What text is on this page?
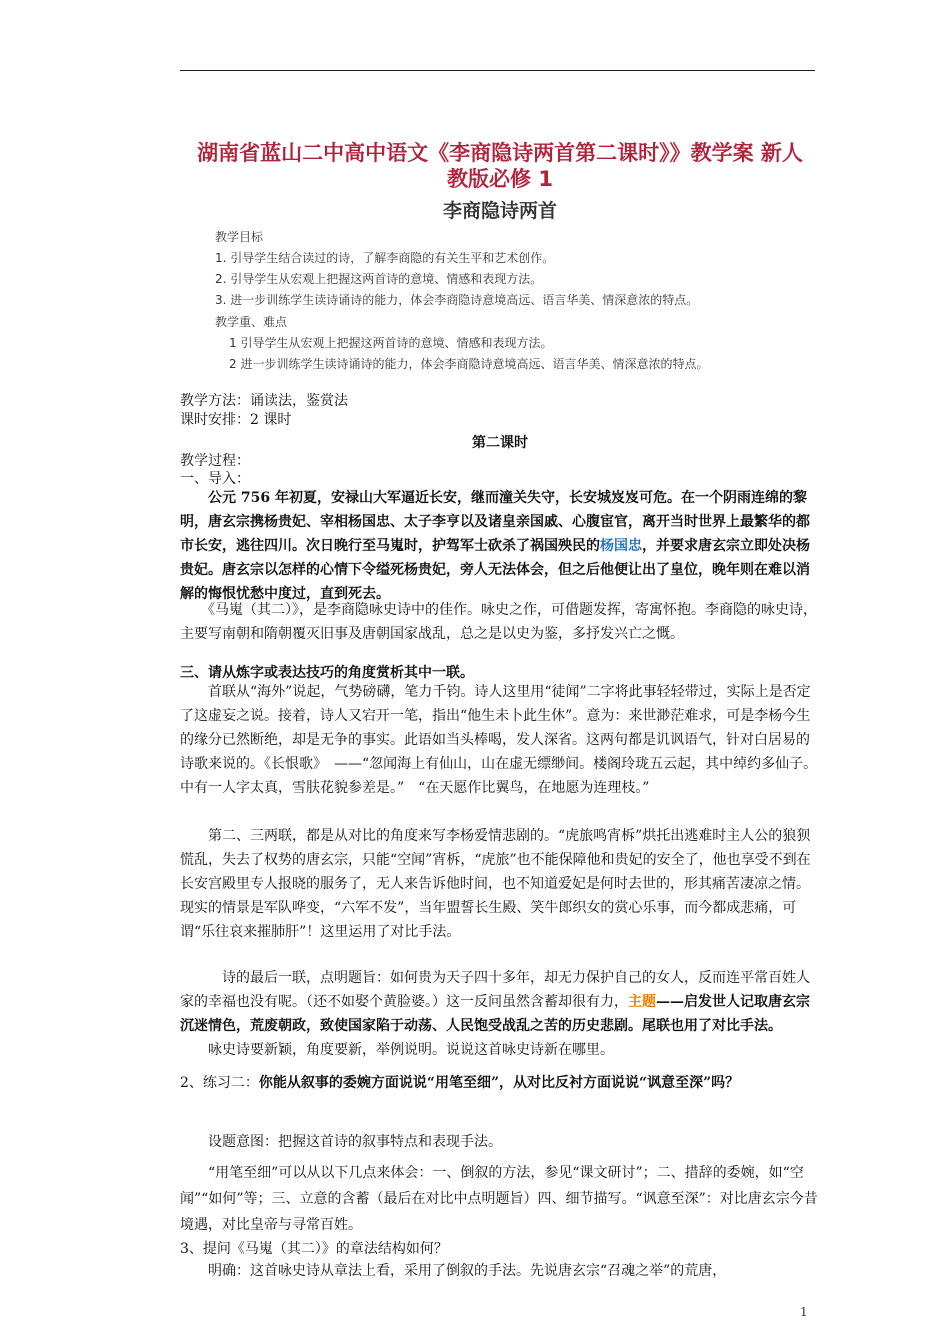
湖南省蓝山二中高中语文《李商隐诗两首第二课时》》教学案 新人
教版必修 1
李商隐诗两首
教学目标
1. 引导学生结合读过的诗，了解李商隐的有关生平和艺术创作。
2. 引导学生从宏观上把握这两首诗的意境、情感和表现方法。
3. 进一步训练学生读诗诵诗的能力，体会李商隐诗意境高远、语言华美、情深意浓的特点。
教学重、难点
1 引导学生从宏观上把握这两首诗的意境、情感和表现方法。
2 进一步训练学生读诗诵诗的能力，体会李商隐诗意境高远、语言华美、情深意浓的特点。
教学方法：诵读法，鉴赏法
课时安排：2 课时
第二课时
教学过程：
一、导入：
　　公元 756 年初夏，安禄山大军逼近长安，继而潼关失守，长安城岌岌可危。在一个阴雨连绵的黎明，唐玄宗携杨贵妃、宰相杨国忠、太子李亨以及诸皇亲国戚、心腹宦官，离开当时世界上最繁华的都市长安，逃往四川。次日晚行至马嵬时，护驾军士砍杀了祸国殃民的杨国忠，并要求唐玄宗立即处决杨贵妃。唐玄宗以怎样的心情下令缢死杨贵妃，旁人无法体会，但之后他便让出了皇位，晚年则在难以消解的悔恨忧愁中度过，直到死去。
　　《马嵬（其二）》，是李商隐咏史诗中的佳作。咏史之作，可借题发挥，寄寓怀抱。李商隐的咏史诗，主要写南朝和隋朝覆灭旧事及唐朝国家战乱，总之是以史为鉴，多抒发兴亡之慨。
三、请从炼字或表达技巧的角度赏析其中一联。
　　首联从“海外”说起，气势磅礴，笔力千钧。诗人这里用“徒闻”二字将此事轻轻带过，实际上是否定了这虚妄之说。接着，诗人又宕开一笔，指出“他生未卜此生休”。意为：来世渺茫难求，可是李杨今生的缘分已然断绝，却是无争的事实。此语如当头棒喝，发人深省。这两句都是讥讽语气，针对白居易的诗歌来说的。《长恨歌》　——“忽闻海上有仙山，山在虚无缥缈间。楼阁玲珑五云起，其中绰约多仙子。中有一人字太真，雪肤花貌参差是。”　“在天愿作比翼鸟，在地愿为连理枝。”
　　第二、三两联，都是从对比的角度来写李杨爱情悲剧的。“虎旅鸣宵柝”烘托出逃难时主人公的狼狈慌乱，失去了权势的唐玄宗，只能“空闻”宵柝，“虎旅”也不能保障他和贵妃的安全了，他也享受不到在长安宫殿里专人报晓的服务了，无人来告诉他时间，也不知道爱妃是何时去世的，形其痛苦凄凉之情。现实的情景是军队哗变，“六军不发”，当年盟誓长生殿、笑牛郎织女的赏心乐事，而今都成悲痛，可谓“乐往哀来摧肺肝”！这里运用了对比手法。
　　　诗的最后一联，点明题旨：如何贵为天子四十多年，却无力保护自己的女人，反而连平常百姓人家的幸福也没有呢。（还不如娶个黄脸婆。）这一反问虽然含蓄却很有力，主题——启发世人记取唐玄宗沉迷情色，荒废朝政，致使国家陷于动荡、人民饱受战乱之苦的历史悲剧。尾联也用了对比手法。
　　咏史诗要新颖，角度要新，举例说明。说说这首咏史诗新在哪里。
2、练习二：你能从叙事的委婉方面说说“用笔至细”，从对比反衬方面说说“讽意至深”吗？
　　设题意图：把握这首诗的叙事特点和表现手法。
　　“用笔至细”可以从以下几点来体会：一、倒叙的方法，参见“课文研讨”；二、措辞的委婉，如“空闻”“如何”等；三、立意的含蓄（最后在对比中点明题旨）四、细节描写。“讽意至深”：对比唐玄宗今昔境遇，对比皇帝与寻常百姓。
3、提问《马嵬（其二）》的章法结构如何？
　　明确：这首咏史诗从章法上看，采用了倒叙的手法。先说唐玄宗“召魂之举”的荒唐，
1
